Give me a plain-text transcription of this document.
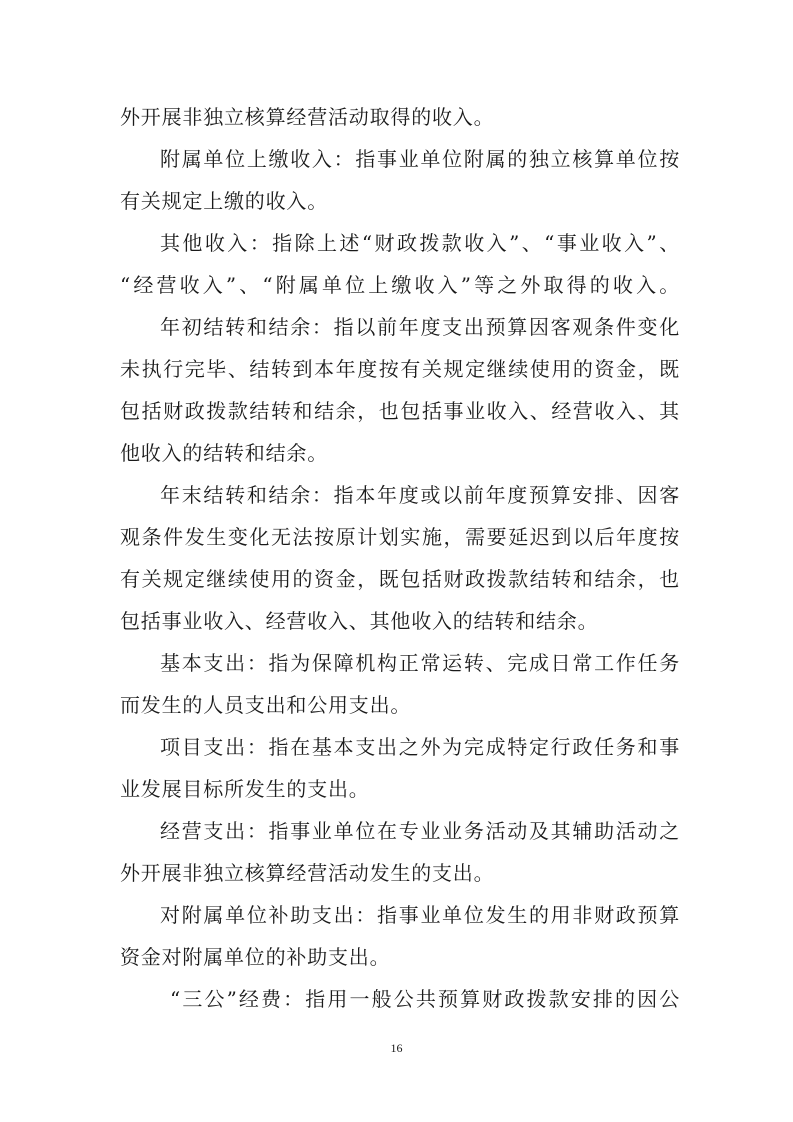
外开展非独立核算经营活动取得的收入。
附属单位上缴收入：指事业单位附属的独立核算单位按
有关规定上缴的收入。
其他收入：指除上述“财政拨款收入”、“事业收入”、
“经营收入”、“附属单位上缴收入”等之外取得的收入。
年初结转和结余：指以前年度支出预算因客观条件变化
未执行完毕、结转到本年度按有关规定继续使用的资金，既
包括财政拨款结转和结余，也包括事业收入、经营收入、其
他收入的结转和结余。
年末结转和结余：指本年度或以前年度预算安排、因客
观条件发生变化无法按原计划实施，需要延迟到以后年度按
有关规定继续使用的资金，既包括财政拨款结转和结余，也
包括事业收入、经营收入、其他收入的结转和结余。
基本支出：指为保障机构正常运转、完成日常工作任务
而发生的人员支出和公用支出。
项目支出：指在基本支出之外为完成特定行政任务和事
业发展目标所发生的支出。
经营支出：指事业单位在专业业务活动及其辅助活动之
外开展非独立核算经营活动发生的支出。
对附属单位补助支出：指事业单位发生的用非财政预算
资金对附属单位的补助支出。
“三公”经费：指用一般公共预算财政拨款安排的因公
16
